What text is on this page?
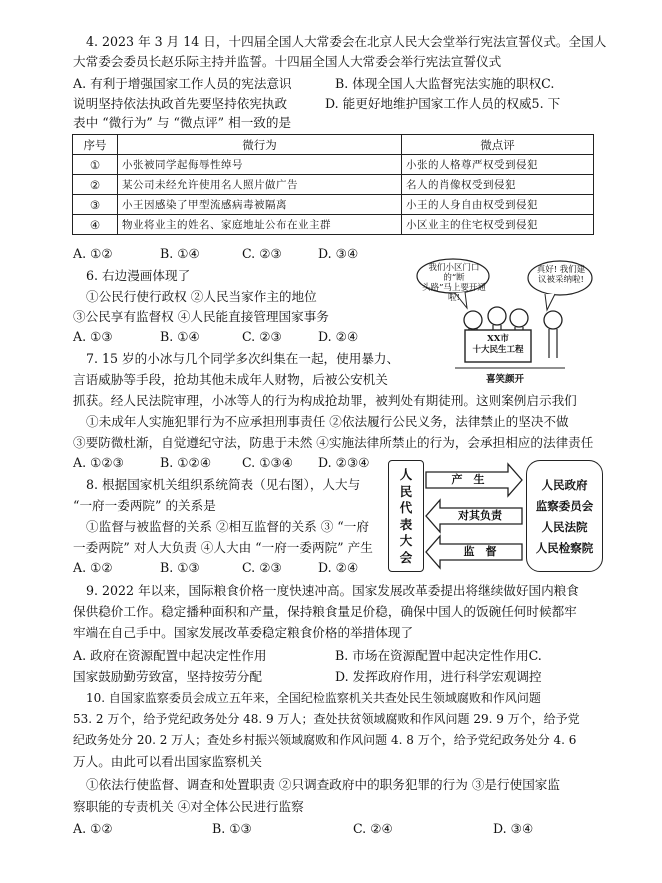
4. 2023 年 3 月 14 日，十四届全国人大常委会在北京人民大会堂举行宪法宣誓仪式。全国人
大常委会委员长赵乐际主持并监誓。十四届全国人大常委会举行宪法宣誓仪式
A. 有利于增强国家工作人员的宪法意识	B. 体现全国人大监督宪法实施的职权C.
说明坚持依法执政首先要坚持依宪执政	D. 能更好地维护国家工作人员的权威5. 下
表中 “微行为” 与 “微点评” 相一致的是
序号	微行为	微点评
①	小张被同学起侮辱性绰号	小张的人格尊严权受到侵犯
②	某公司未经允许使用名人照片做广告	名人的肖像权受到侵犯
③	小王因感染了甲型流感病毒被隔离	小王的人身自由权受到侵犯
④	物业将业主的姓名、家庭地址公布在业主群	小区业主的住宅权受到侵犯
A. ①②	B. ①④	C. ②③	D. ③④
6. 右边漫画体现了
①公民行使行政权 ②人民当家作主的地位
③公民享有监督权 ④人民能直接管理国家事务
A. ①③	B. ①④	C. ②③	D. ②④
我们小区门口的“断
头路”马上要开通啦!
真好! 我们建
议被采纳啦!
XX市
十大民生工程
喜笑颜开
7. 15 岁的小冰与几个同学多次纠集在一起，使用暴力、
言语威胁等手段，抢劫其他未成年人财物，后被公安机关
抓获。经人民法院审理，小冰等人的行为构成抢劫罪，被判处有期徒刑。这则案例启示我们
①未成年人实施犯罪行为不应承担刑事责任 ②依法履行公民义务，法律禁止的坚决不做
③要防微杜渐，自觉遵纪守法，防患于未然 ④实施法律所禁止的行为，会承担相应的法律责任
A. ①②③	B. ①②④ C. ①③④ D. ②③④
8. 根据国家机关组织系统简表（见右图），人大与
“一府一委两院” 的关系是
①监督与被监督的关系 ②相互监督的关系 ③ “一府
一委两院” 对人大负责 ④人大由 “一府一委两院” 产生
A. ①②	B. ①③	C. ②③	D. ②④
人
民
代
表
大
会
产　生
对其负责
监　督
人民政府
监察委员会
人民法院
人民检察院
9. 2022 年以来，国际粮食价格一度快速冲高。国家发展改革委提出将继续做好国内粮食
保供稳价工作。稳定播种面积和产量，保持粮食量足价稳，确保中国人的饭碗任何时候都牢
牢端在自己手中。国家发展改革委稳定粮食价格的举措体现了
A. 政府在资源配置中起决定性作用	B. 市场在资源配置中起决定性作用C.
国家鼓励勤劳致富，坚持按劳分配	D. 发挥政府作用，进行科学宏观调控
10. 自国家监察委员会成立五年来，全国纪检监察机关共查处民生领域腐败和作风问题
53. 2 万个，给予党纪政务处分 48. 9 万人；查处扶贫领域腐败和作风问题 29. 9 万个，给予党
纪政务处分 20. 2 万人；查处乡村振兴领域腐败和作风问题 4. 8 万个，给予党纪政务处分 4. 6
万人。由此可以看出国家监察机关
①依法行使监督、调查和处置职责 ②只调查政府中的职务犯罪的行为 ③是行使国家监
察职能的专责机关 ④对全体公民进行监察
A. ①②	B. ①③	C. ②④	D. ③④
